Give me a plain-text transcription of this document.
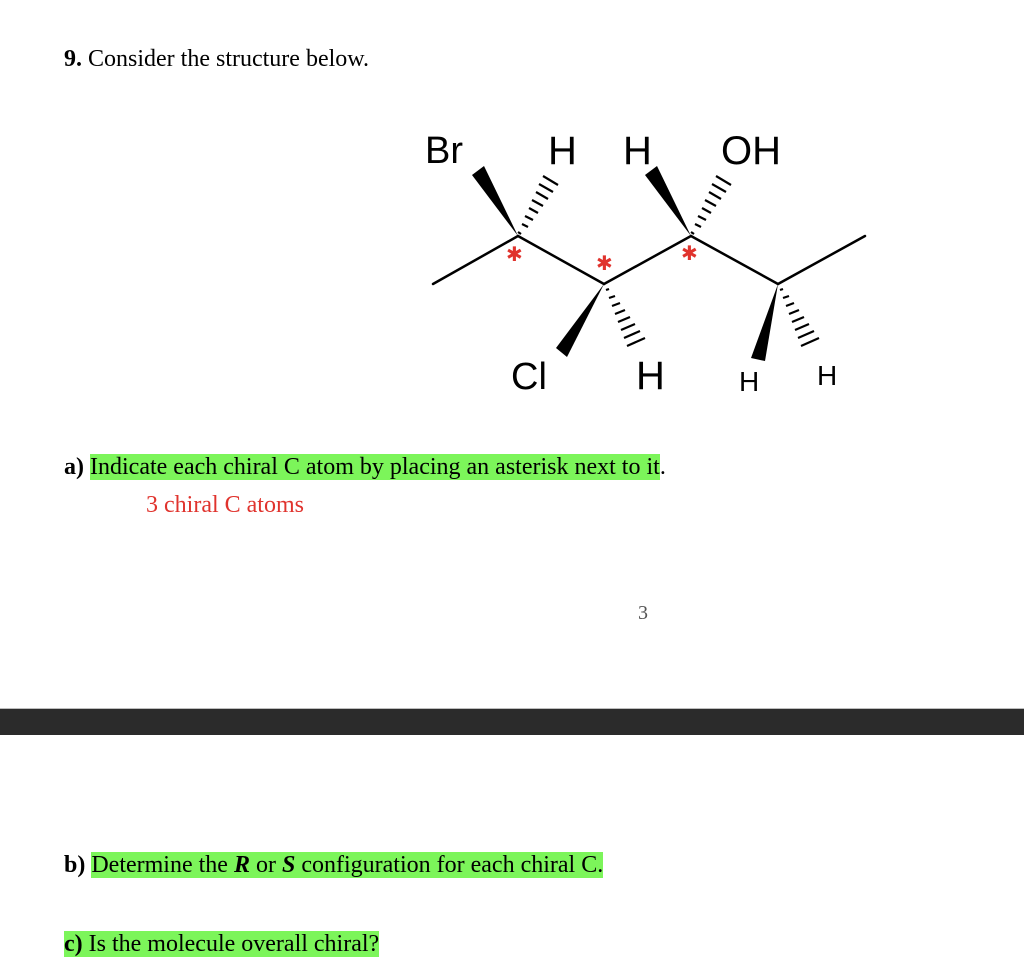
9. Consider the structure below.
Br H H OH
Cl H	H H
✱	✱	✱
a) Indicate each chiral C atom by placing an asterisk next to it.
3 chiral C atoms
3
b) Determine the R or S configuration for each chiral C.
c) Is the molecule overall chiral?
